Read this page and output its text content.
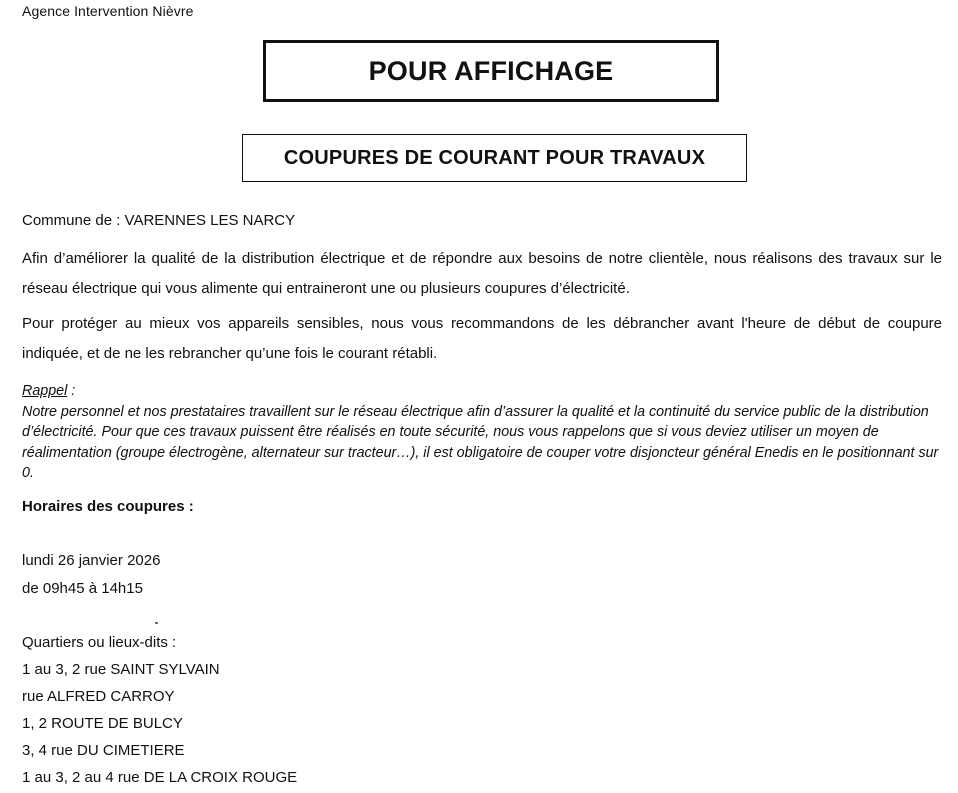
Agence Intervention Nièvre
POUR AFFICHAGE
COUPURES DE COURANT POUR TRAVAUX
Commune de : VARENNES LES NARCY
Afin d’améliorer la qualité de la distribution électrique et de répondre aux besoins de notre clientèle, nous réalisons des travaux sur le réseau électrique qui vous alimente qui entraineront une ou plusieurs coupures d’électricité.
Pour protéger au mieux vos appareils sensibles, nous vous recommandons de les débrancher avant l'heure de début de coupure indiquée, et de ne les rebrancher qu’une fois le courant rétabli.
Rappel :
Notre personnel et nos prestataires travaillent sur le réseau électrique afin d’assurer la qualité et la continuité du service public de la distribution d’électricité. Pour que ces travaux puissent être réalisés en toute sécurité, nous vous rappelons que si vous deviez utiliser un moyen de réalimentation (groupe électrogène, alternateur sur tracteur…), il est obligatoire de couper votre disjoncteur général Enedis en le positionnant sur 0.
Horaires des coupures :
lundi 26 janvier 2026
de 09h45 à 14h15
Quartiers ou lieux-dits :
1 au 3, 2 rue SAINT SYLVAIN
rue ALFRED CARROY
1, 2 ROUTE DE BULCY
3, 4 rue DU CIMETIERE
1 au 3, 2 au 4 rue DE LA CROIX ROUGE
